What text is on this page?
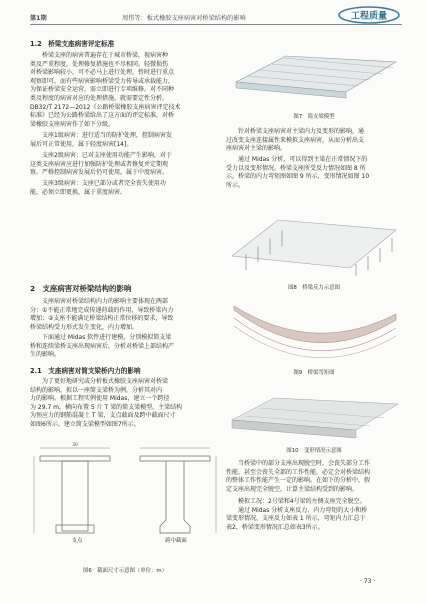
第1期	周伟等：板式橡胶支座病害对桥梁结构的影响	工程质量
1.2　桥梁支座病害评定标准
桥梁支座的病害普遍存在于城市桥梁，视病害种
类及严重程度，处理修复措施也不尽相同。轻微损伤
对桥梁影响较小，可不必马上进行处理，暂时进行重点
观察即可。而有些病害影响桥梁受力传导或承载能力，
为保证桥梁安全运营，需立即进行专项维修。对不同种
类及程度的病害对应的处理措施，就需要定性分析。
DB32/T 2172—2012《公路桥梁橡胶支座病害评定技术
标准》已经为公路桥梁给出了这方面的评定标准，对桥
梁橡胶支座病害作了如下分级。
支座1级病害：进行适当的防护处理，控制病害发
展后可正常使用，属于轻度病害[14]。
支座2级病害：已对支座使用功能产生影响，对于
这类支座病害应进行加强防护处理或者修复并定期观
察。严格控制病害发展后仍可使用，属于中度病害。
支座3级病害：支座已部分或者完全丧失使用功
能，必须立即更换，属于重度病害。
2　支座病害对桥梁结构的影响
支座病害对桥梁结构内力的影响主要体现在两部
分：①不能正常地完成传递荷载的作用，导致桥梁内力
增加；②支座不能满足桥梁结构正常位移的要求，导致
桥梁结构受力形式发生变化，内力增加。
下面通过 Midas 软件进行建模，分别模拟简支梁
桥和连续梁桥支座出现病害后，分析对桥梁上部结构产
生的影响。
2.1　支座病害对简支梁桥内力的影响
为了更好地研究或分析板式橡胶支座病害对桥梁
结构的影响，拟以一座简支梁桥为例，分析其对内
力的影响。根据工程实例使用 Midas，建立一个跨径
为 29.7 m，横向布置 5 片 T 梁的简支梁模型。主梁结构
为预应力的钢筋混凝土 T 梁，支点截面及跨中截面尺寸
如图6所示。建立简支梁模型如图7所示。
30
支点	跨中截面
图6　截面尺寸示意图（单位：m）
图7　简支梁模型
针对桥梁支座病害对主梁内力及变形的影响，通
过改变支座连接属性来模拟支座病害，从而分析出支
座病害对主梁的影响。
通过 Midas 分析，可以得到主梁在正常情况下的
受力以及变形情况。桥梁支座所受反力情况如图 8 所
示，桥梁的内力弯矩图如图 9 所示，变形情况如图 10
所示。
图8　桥梁反力示意图
图9　桥梁弯矩图
图10　变形情况示意图
当桥梁中的部分支座出现脱空时，会丧失部分工作
性能，甚至会丧失全部的工作性能，必定会对桥梁结构
的整体工作性能产生一定的影响。在如下的分析中，假
定支座出现完全脱空，计算主梁结构受到的影响。
模拟工况：2号梁和4号梁的左侧支座完全脱空。
通过 Midas 分析支座反力、内力弯矩的大小和桥
梁变形情况，支座反力如表 1 所示，弯矩内力汇总于
表2，桥梁变形情况汇总如表3所示。
· 73 ·
